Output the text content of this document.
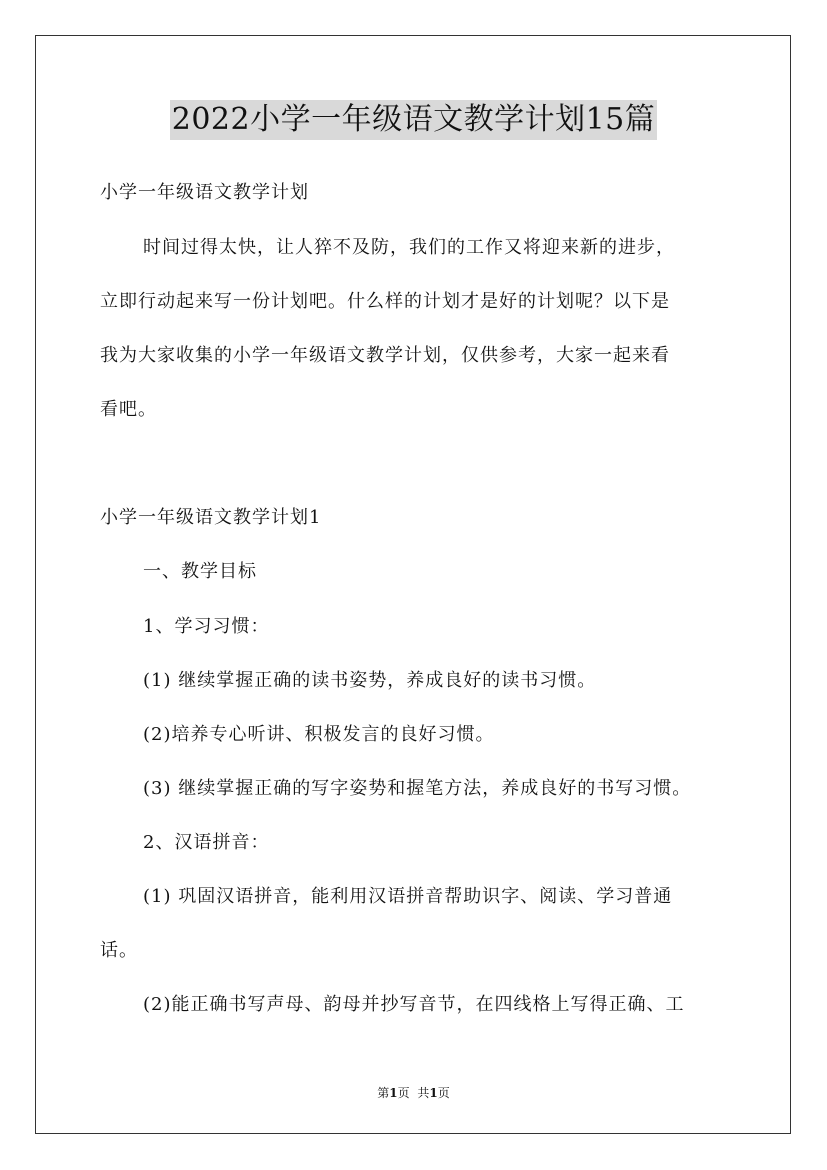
2022小学一年级语文教学计划15篇
小学一年级语文教学计划
时间过得太快，让人猝不及防，我们的工作又将迎来新的进步，
立即行动起来写一份计划吧。什么样的计划才是好的计划呢？以下是
我为大家收集的小学一年级语文教学计划，仅供参考，大家一起来看
看吧。
小学一年级语文教学计划1
一、教学目标
1、学习习惯：
(1) 继续掌握正确的读书姿势，养成良好的读书习惯。
(2)培养专心听讲、积极发言的良好习惯。
(3) 继续掌握正确的写字姿势和握笔方法，养成良好的书写习惯。
2、汉语拼音：
(1) 巩固汉语拼音，能利用汉语拼音帮助识字、阅读、学习普通
话。
(2)能正确书写声母、韵母并抄写音节，在四线格上写得正确、工
第1页 共1页
